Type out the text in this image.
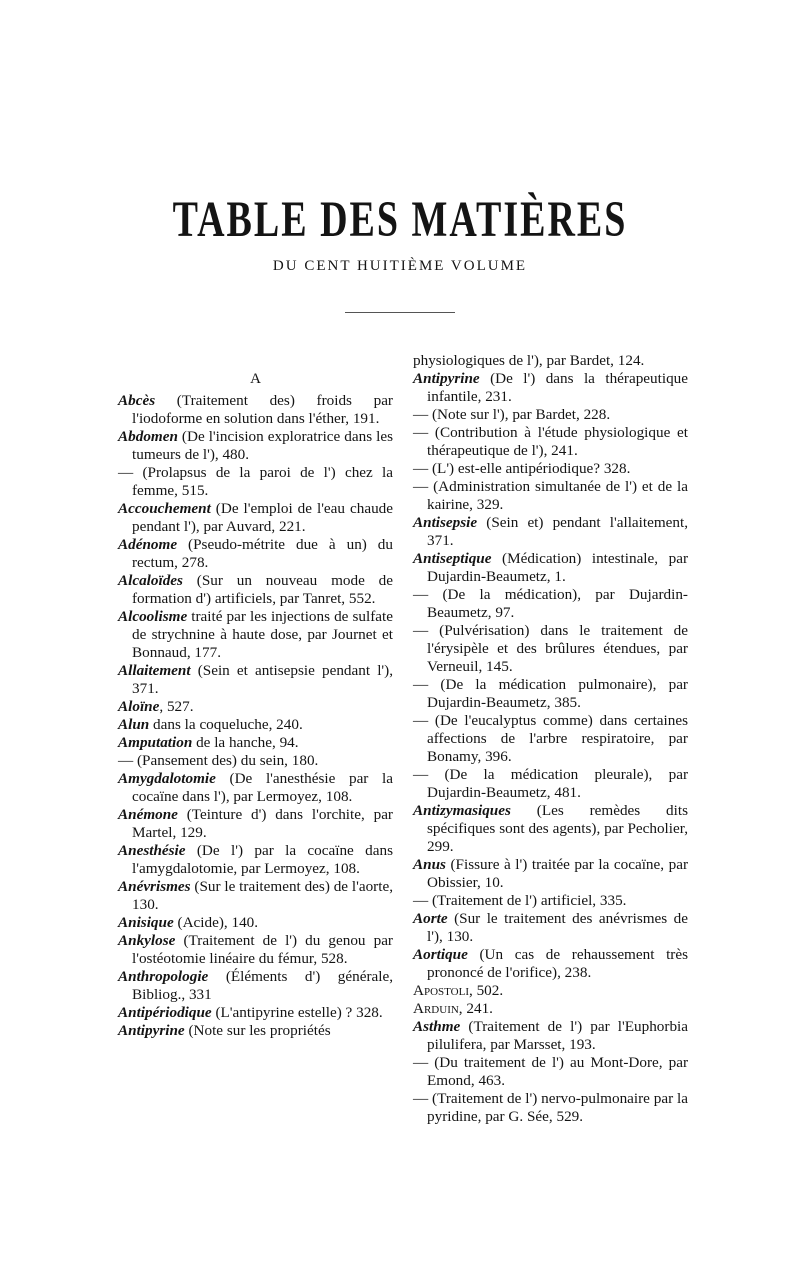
TABLE DES MATIÈRES
DU CENT HUITIÈME VOLUME
A

Abcès (Traitement des) froids par l'iodoforme en solution dans l'éther, 191.

Abdomen (De l'incision exploratrice dans les tumeurs de l'), 480.

— (Prolapsus de la paroi de l') chez la femme, 515.

Accouchement (De l'emploi de l'eau chaude pendant l'), par Auvard, 221.

Adénome (Pseudo-métrite due à un) du rectum, 278.

Alcaloïdes (Sur un nouveau mode de formation d') artificiels, par Tanret, 552.

Alcoolisme traité par les injections de sulfate de strychnine à haute dose, par Journet et Bonnaud, 177.

Allaitement (Sein et antisepsie pendant l'), 371.

Aloïne, 527.

Alun dans la coqueluche, 240.

Amputation de la hanche, 94.

— (Pansement des) du sein, 180.

Amygdalotomie (De l'anesthésie par la cocaïne dans l'), par Lermoyez, 108.

Anémone (Teinture d') dans l'orchite, par Martel, 129.

Anesthésie (De l') par la cocaïne dans l'amygdalotomie, par Lermoyez, 108.

Anévrismes (Sur le traitement des) de l'aorte, 130.

Anisique (Acide), 140.

Ankylose (Traitement de l') du genou par l'ostéotomie linéaire du fémur, 528.

Anthropologie (Éléments d') générale, Bibliog., 331

Antipériodique (L'antipyrine estelle) ? 328.

Antipyrine (Note sur les propriétés

physiologiques de l'), par Bardet, 124.

Antipyrine (De l') dans la thérapeutique infantile, 231.

— (Note sur l'), par Bardet, 228.

— (Contribution à l'étude physiologique et thérapeutique de l'), 241.

— (L') est-elle antipériodique? 328.

— (Administration simultanée de l') et de la kairine, 329.

Antisepsie (Sein et) pendant l'allaitement, 371.

Antiseptique (Médication) intestinale, par Dujardin-Beaumetz, 1.

— (De la médication), par Dujardin-Beaumetz, 97.

— (Pulvérisation) dans le traitement de l'érysipèle et des brûlures étendues, par Verneuil, 145.

— (De la médication pulmonaire), par Dujardin-Beaumetz, 385.

— (De l'eucalyptus comme) dans certaines affections de l'arbre respiratoire, par Bonamy, 396.

— (De la médication pleurale), par Dujardin-Beaumetz, 481.

Antizymasiques (Les remèdes dits spécifiques sont des agents), par Pecholier, 299.

Anus (Fissure à l') traitée par la cocaïne, par Obissier, 10.

— (Traitement de l') artificiel, 335.

Aorte (Sur le traitement des anévrismes de l'), 130.

Aortique (Un cas de rehaussement très prononcé de l'orifice), 238.

Apostoli, 502.

Arduin, 241.

Asthme (Traitement de l') par l'Euphorbia pilulifera, par Marsset, 193.

— (Du traitement de l') au Mont-Dore, par Emond, 463.

— (Traitement de l') nervo-pulmonaire par la pyridine, par G. Sée, 529.
